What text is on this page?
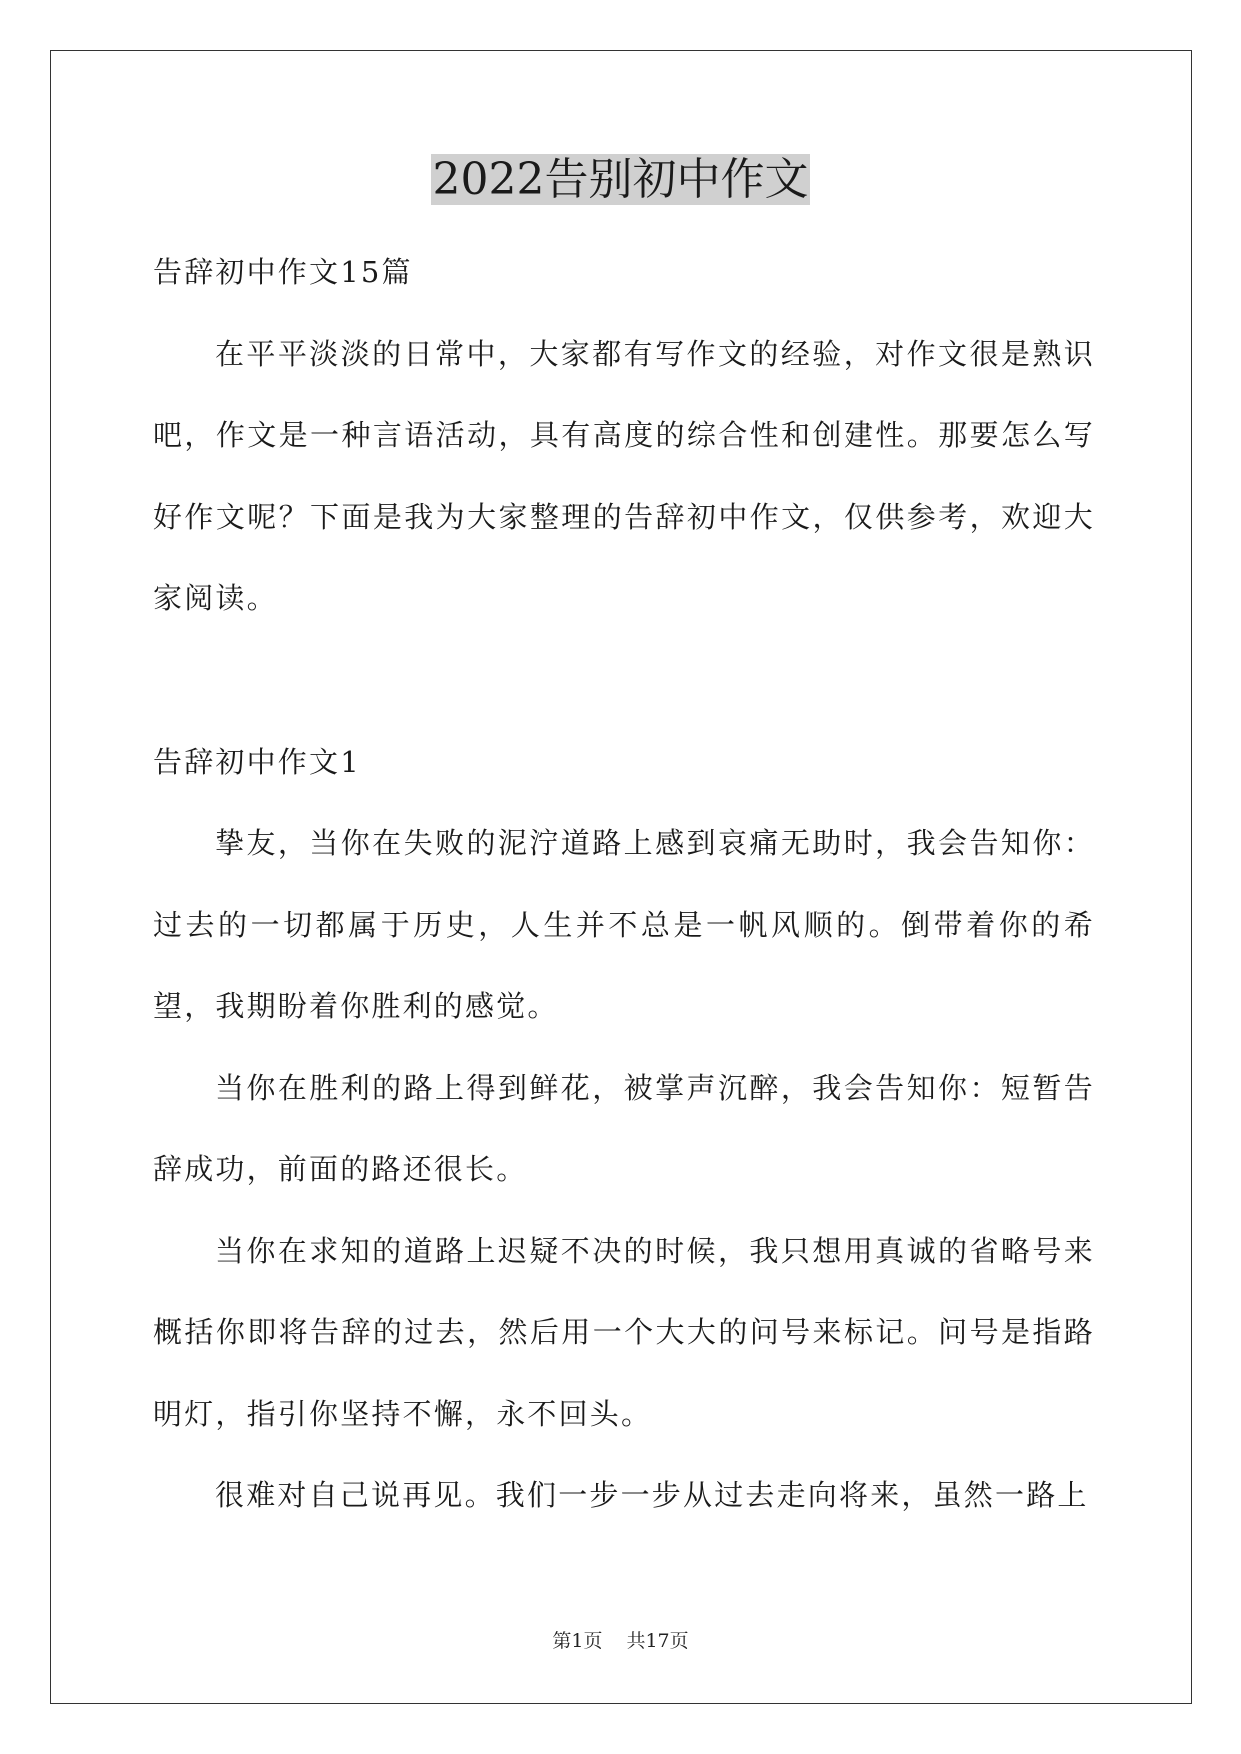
2022告别初中作文

告辞初中作文15篇

在平平淡淡的日常中，大家都有写作文的经验，对作文很是熟识吧，作文是一种言语活动，具有高度的综合性和创建性。那要怎么写好作文呢？下面是我为大家整理的告辞初中作文，仅供参考，欢迎大家阅读。

告辞初中作文1

挚友，当你在失败的泥泞道路上感到哀痛无助时，我会告知你：过去的一切都属于历史，人生并不总是一帆风顺的。倒带着你的希望，我期盼着你胜利的感觉。

当你在胜利的路上得到鲜花，被掌声沉醉，我会告知你：短暂告辞成功，前面的路还很长。

当你在求知的道路上迟疑不决的时候，我只想用真诚的省略号来概括你即将告辞的过去，然后用一个大大的问号来标记。问号是指路明灯，指引你坚持不懈，永不回头。

很难对自己说再见。我们一步一步从过去走向将来，虽然一路上

第1页 共17页
